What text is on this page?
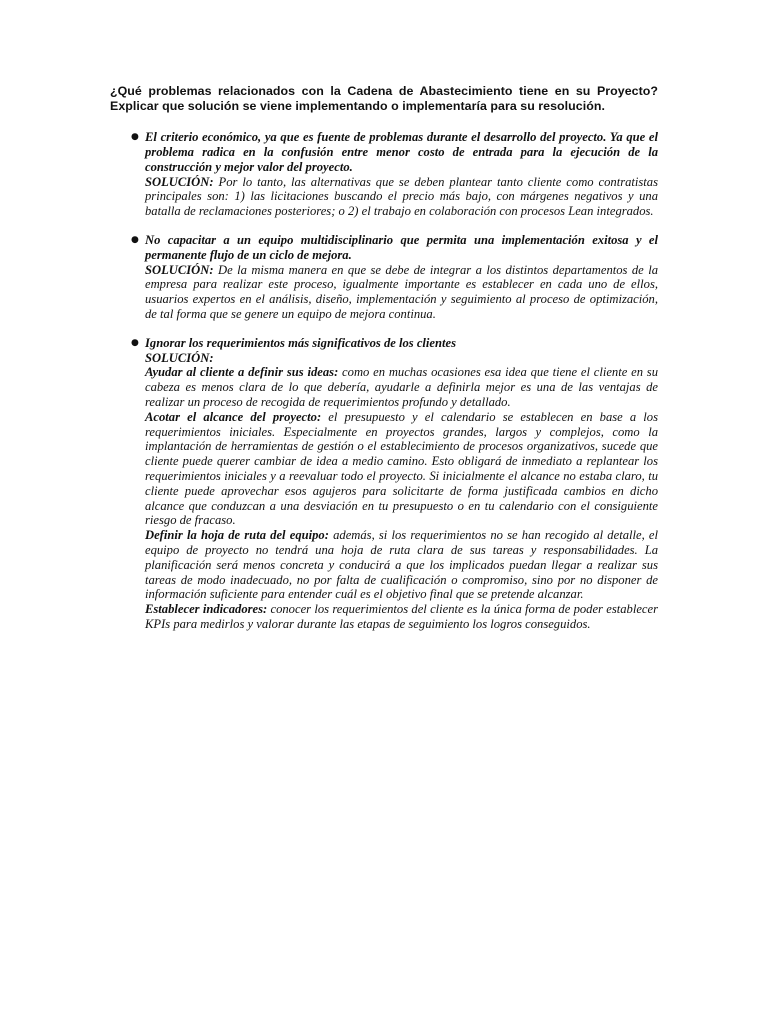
¿Qué problemas relacionados con la Cadena de Abastecimiento tiene en su Proyecto?
Explicar que solución se viene implementando o implementaría para su resolución.

● El criterio económico, ya que es fuente de problemas durante el desarrollo del proyecto. Ya que el problema radica en la confusión entre menor costo de entrada para la ejecución de la construcción y mejor valor del proyecto.
SOLUCIÓN: Por lo tanto, las alternativas que se deben plantear tanto cliente como contratistas principales son: 1) las licitaciones buscando el precio más bajo, con márgenes negativos y una batalla de reclamaciones posteriores; o 2) el trabajo en colaboración con procesos Lean integrados.
● No capacitar a un equipo multidisciplinario que permita una implementación exitosa y el permanente flujo de un ciclo de mejora.
SOLUCIÓN: De la misma manera en que se debe de integrar a los distintos departamentos de la empresa para realizar este proceso, igualmente importante es establecer en cada uno de ellos, usuarios expertos en el análisis, diseño, implementación y seguimiento al proceso de optimización, de tal forma que se genere un equipo de mejora continua.
● Ignorar los requerimientos más significativos de los clientes
SOLUCIÓN:
Ayudar al cliente a definir sus ideas: como en muchas ocasiones esa idea que tiene el cliente en su cabeza es menos clara de lo que debería, ayudarle a definirla mejor es una de las ventajas de realizar un proceso de recogida de requerimientos profundo y detallado.
Acotar el alcance del proyecto: el presupuesto y el calendario se establecen en base a los requerimientos iniciales. Especialmente en proyectos grandes, largos y complejos, como la implantación de herramientas de gestión o el establecimiento de procesos organizativos, sucede que cliente puede querer cambiar de idea a medio camino. Esto obligará de inmediato a replantear los requerimientos iniciales y a reevaluar todo el proyecto. Si inicialmente el alcance no estaba claro, tu cliente puede aprovechar esos agujeros para solicitarte de forma justificada cambios en dicho alcance que conduzcan a una desviación en tu presupuesto o en tu calendario con el consiguiente riesgo de fracaso.
Definir la hoja de ruta del equipo: además, si los requerimientos no se han recogido al detalle, el equipo de proyecto no tendrá una hoja de ruta clara de sus tareas y responsabilidades. La planificación será menos concreta y conducirá a que los implicados puedan llegar a realizar sus tareas de modo inadecuado, no por falta de cualificación o compromiso, sino por no disponer de información suficiente para entender cuál es el objetivo final que se pretende alcanzar.
Establecer indicadores: conocer los requerimientos del cliente es la única forma de poder establecer KPIs para medirlos y valorar durante las etapas de seguimiento los logros conseguidos.
